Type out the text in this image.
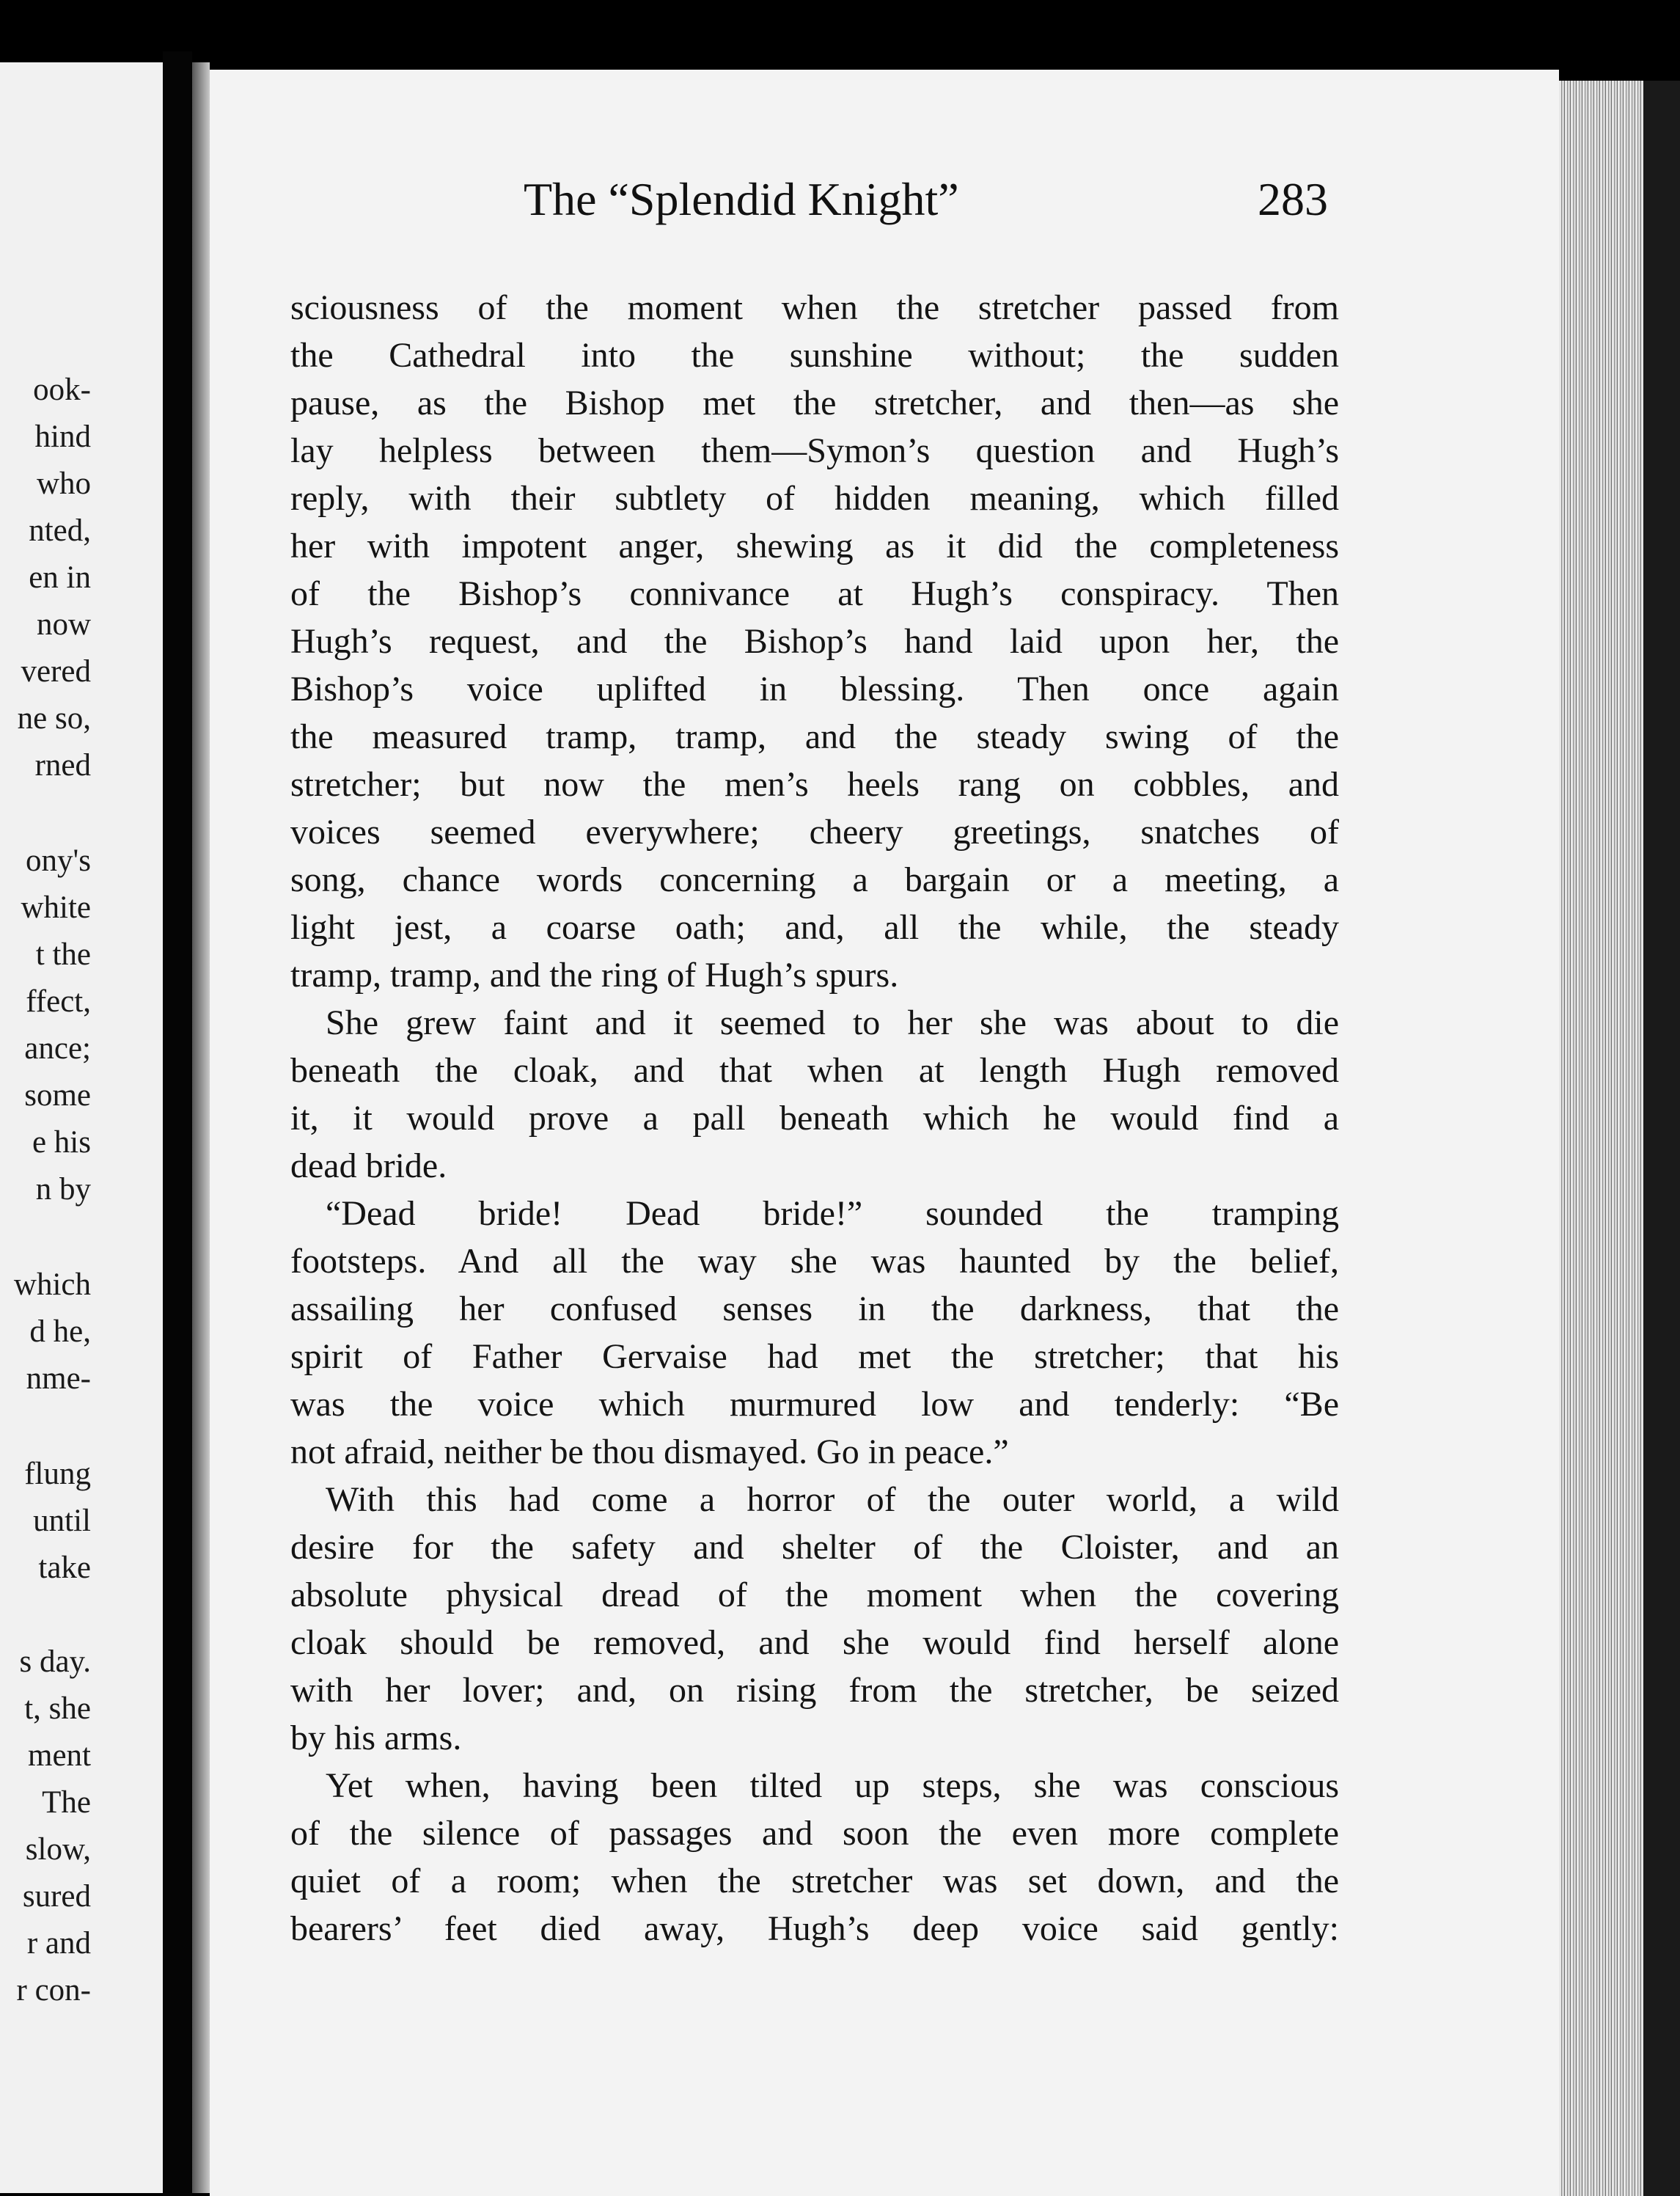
ook-
hind
who
nted,
en in
now
vered
ne so,
rned
ony's
white
t the
ffect,
ance;
some
e his
n by
which
d he,
nme-
flung
until
take
s day.
t, she
ment
The
slow,
sured
r and
r con-
The “Splendid Knight”	283
sciousness of the moment when the stretcher passed from
the Cathedral into the sunshine without; the sudden
pause, as the Bishop met the stretcher, and then—as she
lay helpless between them—Symon’s question and Hugh’s
reply, with their subtlety of hidden meaning, which filled
her with impotent anger, shewing as it did the completeness
of the Bishop’s connivance at Hugh’s conspiracy. Then
Hugh’s request, and the Bishop’s hand laid upon her, the
Bishop’s voice uplifted in blessing. Then once again
the measured tramp, tramp, and the steady swing of the
stretcher; but now the men’s heels rang on cobbles, and
voices seemed everywhere; cheery greetings, snatches of
song, chance words concerning a bargain or a meeting, a
light jest, a coarse oath; and, all the while, the steady
tramp, tramp, and the ring of Hugh’s spurs.
She grew faint and it seemed to her she was about to die
beneath the cloak, and that when at length Hugh removed
it, it would prove a pall beneath which he would find a
dead bride.
“Dead bride! Dead bride!” sounded the tramping
footsteps. And all the way she was haunted by the belief,
assailing her confused senses in the darkness, that the
spirit of Father Gervaise had met the stretcher; that his
was the voice which murmured low and tenderly: “Be
not afraid, neither be thou dismayed. Go in peace.”
With this had come a horror of the outer world, a wild
desire for the safety and shelter of the Cloister, and an
absolute physical dread of the moment when the covering
cloak should be removed, and she would find herself alone
with her lover; and, on rising from the stretcher, be seized
by his arms.
Yet when, having been tilted up steps, she was conscious
of the silence of passages and soon the even more complete
quiet of a room; when the stretcher was set down, and the
bearers’ feet died away, Hugh’s deep voice said gently:
